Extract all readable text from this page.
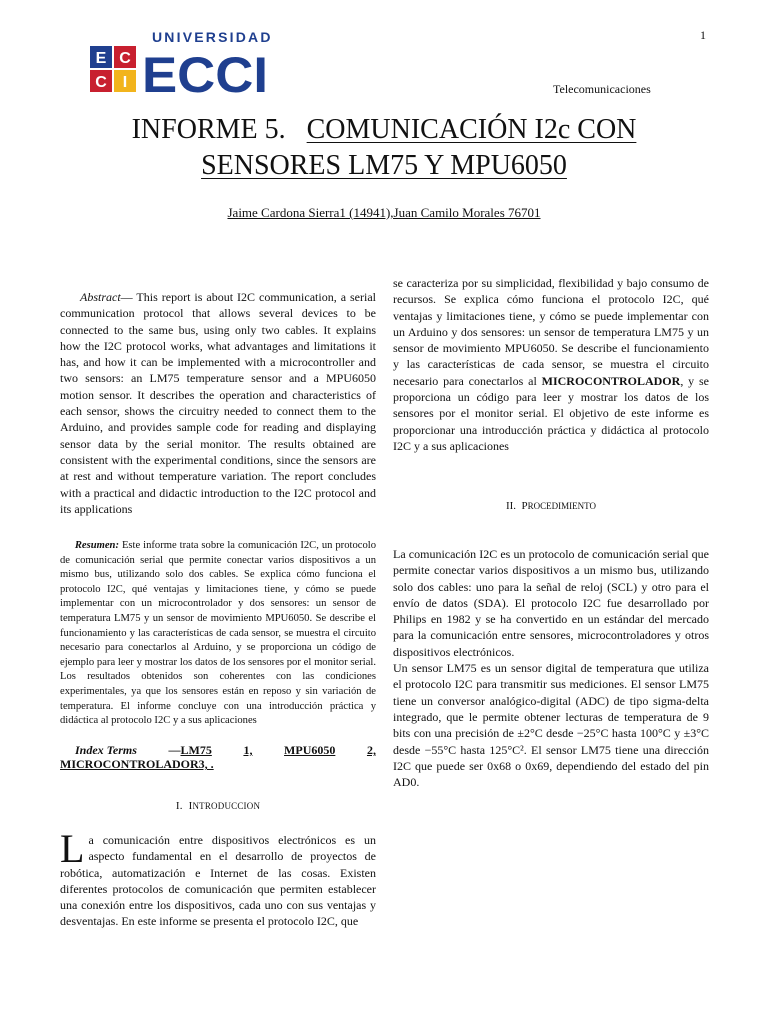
UNIVERSIDAD
E C
C I ECCI
1
Telecomunicaciones
INFORME 5. COMUNICACIÓN I2c CON
SENSORES LM75 Y MPU6050
Jaime Cardona Sierra1 (14941),Juan Camilo Morales 76701

Abstract— This report is about I2C communication, a serial communication protocol that allows several devices to be connected to the same bus, using only two cables. It explains how the I2C protocol works, what advantages and limitations it has, and how it can be implemented with a microcontroller and two sensors: an LM75 temperature sensor and a MPU6050 motion sensor. It describes the operation and characteristics of each sensor, shows the circuitry needed to connect them to the Arduino, and provides sample code for reading and displaying sensor data by the serial monitor. The results obtained are consistent with the experimental conditions, since the sensors are at rest and without temperature variation. The report concludes with a practical and didactic introduction to the I2C protocol and its applications

Resumen: Este informe trata sobre la comunicación I2C, un protocolo de comunicación serial que permite conectar varios dispositivos a un mismo bus, utilizando solo dos cables. Se explica cómo funciona el protocolo I2C, qué ventajas y limitaciones tiene, y cómo se puede implementar con un microcontrolador y dos sensores: un sensor de temperatura LM75 y un sensor de movimiento MPU6050. Se describe el funcionamiento y las características de cada sensor, se muestra el circuito necesario para conectarlos al Arduino, y se proporciona un código de ejemplo para leer y mostrar los datos de los sensores por el monitor serial. Los resultados obtenidos son coherentes con las condiciones experimentales, ya que los sensores están en reposo y sin variación de temperatura. El informe concluye con una introducción práctica y didáctica al protocolo I2C y a sus aplicaciones

Index Terms	—LM75	1,	MPU6050	2,
MICROCONTROLADOR3, .
I. INTRODUCCION

La comunicación entre dispositivos electrónicos es un aspecto fundamental en el desarrollo de proyectos de robótica, automatización e Internet de las cosas. Existen diferentes protocolos de comunicación que permiten establecer una conexión entre los dispositivos, cada uno con sus ventajas y desventajas. En este informe se presenta el protocolo I2C, que

se caracteriza por su simplicidad, flexibilidad y bajo consumo de recursos. Se explica cómo funciona el protocolo I2C, qué ventajas y limitaciones tiene, y cómo se puede implementar con un Arduino y dos sensores: un sensor de temperatura LM75 y un sensor de movimiento MPU6050. Se describe el funcionamiento y las características de cada sensor, se muestra el circuito necesario para conectarlos al MICROCONTROLADOR, y se proporciona un código para leer y mostrar los datos de los sensores por el monitor serial. El objetivo de este informe es proporcionar una introducción práctica y didáctica al protocolo I2C y a sus aplicaciones

II. PROCEDIMIENTO

La comunicación I2C es un protocolo de comunicación serial que permite conectar varios dispositivos a un mismo bus, utilizando solo dos cables: uno para la señal de reloj (SCL) y otro para el envío de datos (SDA). El protocolo I2C fue desarrollado por Philips en 1982 y se ha convertido en un estándar del mercado para la comunicación entre sensores, microcontroladores y otros dispositivos electrónicos.

Un sensor LM75 es un sensor digital de temperatura que utiliza el protocolo I2C para transmitir sus mediciones. El sensor LM75 tiene un conversor analógico-digital (ADC) de tipo sigma-delta integrado, que le permite obtener lecturas de temperatura de 9 bits con una precisión de ±2°C desde −25°C hasta 100°C y ±3°C desde −55°C hasta 125°C². El sensor LM75 tiene una dirección I2C que puede ser 0x68 o 0x69, dependiendo del estado del pin AD0.
